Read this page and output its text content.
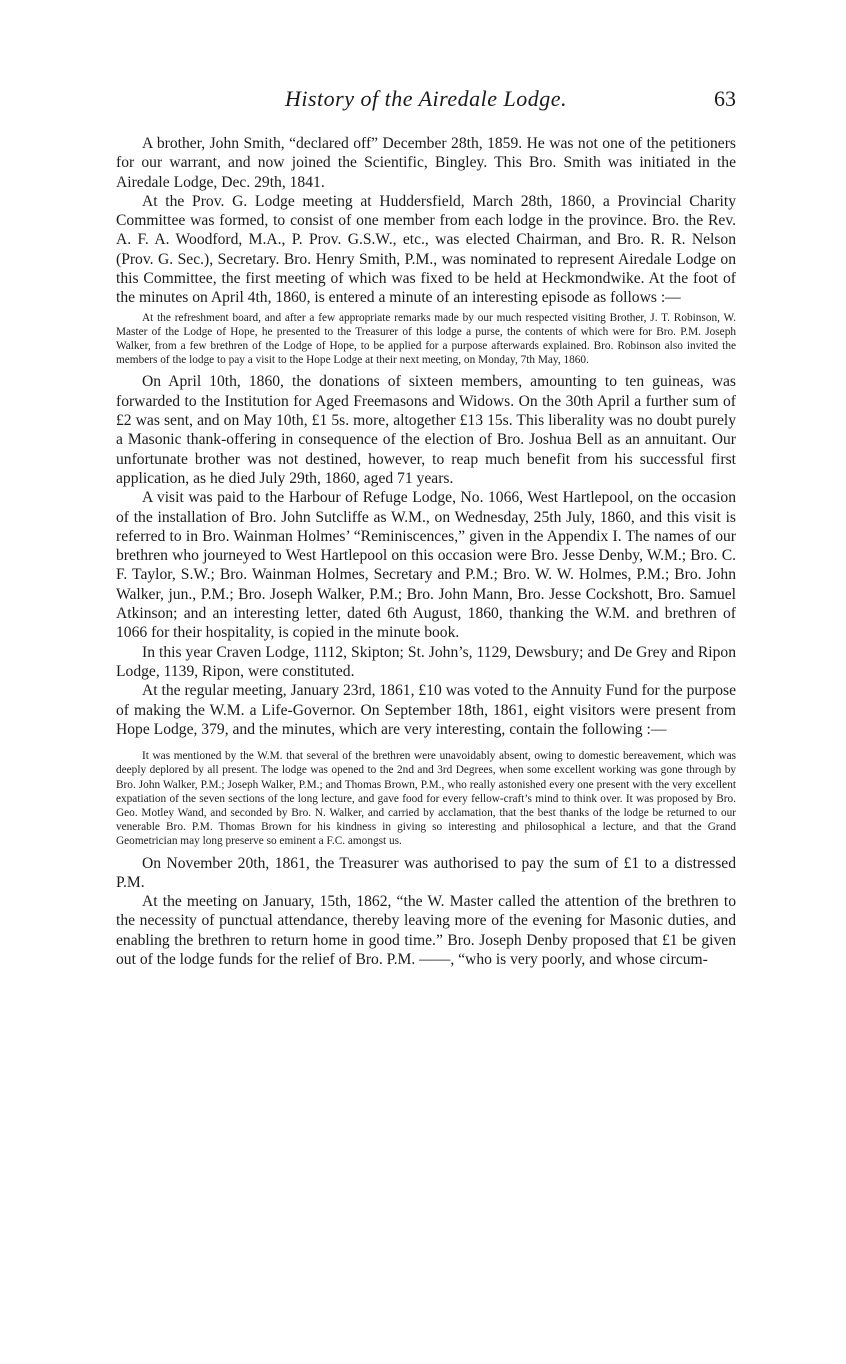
History of the Airedale Lodge.	63

A brother, John Smith, “declared off” December 28th, 1859. He was not one of the petitioners for our warrant, and now joined the Scientific, Bingley. This Bro. Smith was initiated in the Airedale Lodge, Dec. 29th, 1841.

At the Prov. G. Lodge meeting at Huddersfield, March 28th, 1860, a Provincial Charity Committee was formed, to consist of one member from each lodge in the province. Bro. the Rev. A. F. A. Woodford, M.A., P. Prov. G.S.W., etc., was elected Chairman, and Bro. R. R. Nelson (Prov. G. Sec.), Secretary. Bro. Henry Smith, P.M., was nominated to represent Airedale Lodge on this Committee, the first meeting of which was fixed to be held at Heckmondwike. At the foot of the minutes on April 4th, 1860, is entered a minute of an interesting episode as follows :—

At the refreshment board, and after a few appropriate remarks made by our much respected visiting Brother, J. T. Robinson, W. Master of the Lodge of Hope, he presented to the Treasurer of this lodge a purse, the contents of which were for Bro. P.M. Joseph Walker, from a few brethren of the Lodge of Hope, to be applied for a purpose afterwards explained. Bro. Robinson also invited the members of the lodge to pay a visit to the Hope Lodge at their next meeting, on Monday, 7th May, 1860.

On April 10th, 1860, the donations of sixteen members, amounting to ten guineas, was forwarded to the Institution for Aged Freemasons and Widows. On the 30th April a further sum of £2 was sent, and on May 10th, £1 5s. more, altogether £13 15s. This liberality was no doubt purely a Masonic thank-offering in consequence of the election of Bro. Joshua Bell as an annuitant. Our unfortunate brother was not destined, however, to reap much benefit from his successful first application, as he died July 29th, 1860, aged 71 years.

A visit was paid to the Harbour of Refuge Lodge, No. 1066, West Hartlepool, on the occasion of the installation of Bro. John Sutcliffe as W.M., on Wednesday, 25th July, 1860, and this visit is referred to in Bro. Wainman Holmes’ “Reminiscences,” given in the Appendix I. The names of our brethren who journeyed to West Hartlepool on this occasion were Bro. Jesse Denby, W.M.; Bro. C. F. Taylor, S.W.; Bro. Wainman Holmes, Secretary and P.M.; Bro. W. W. Holmes, P.M.; Bro. John Walker, jun., P.M.; Bro. Joseph Walker, P.M.; Bro. John Mann, Bro. Jesse Cockshott, Bro. Samuel Atkinson; and an interesting letter, dated 6th August, 1860, thanking the W.M. and brethren of 1066 for their hospitality, is copied in the minute book.

In this year Craven Lodge, 1112, Skipton; St. John’s, 1129, Dewsbury; and De Grey and Ripon Lodge, 1139, Ripon, were constituted.

At the regular meeting, January 23rd, 1861, £10 was voted to the Annuity Fund for the purpose of making the W.M. a Life-Governor. On September 18th, 1861, eight visitors were present from Hope Lodge, 379, and the minutes, which are very interesting, contain the following :—

It was mentioned by the W.M. that several of the brethren were unavoidably absent, owing to domestic bereavement, which was deeply deplored by all present. The lodge was opened to the 2nd and 3rd Degrees, when some excellent working was gone through by Bro. John Walker, P.M.; Joseph Walker, P.M.; and Thomas Brown, P.M., who really astonished every one present with the very excellent expatiation of the seven sections of the long lecture, and gave food for every fellow-craft’s mind to think over. It was proposed by Bro. Geo. Motley Wand, and seconded by Bro. N. Walker, and carried by acclamation, that the best thanks of the lodge be returned to our venerable Bro. P.M. Thomas Brown for his kindness in giving so interesting and philosophical a lecture, and that the Grand Geometrician may long preserve so eminent a F.C. amongst us.

On November 20th, 1861, the Treasurer was authorised to pay the sum of £1 to a distressed P.M.

At the meeting on January, 15th, 1862, “the W. Master called the attention of the brethren to the necessity of punctual attendance, thereby leaving more of the evening for Masonic duties, and enabling the brethren to return home in good time.” Bro. Joseph Denby proposed that £1 be given out of the lodge funds for the relief of Bro. P.M. ——, “who is very poorly, and whose circum-
